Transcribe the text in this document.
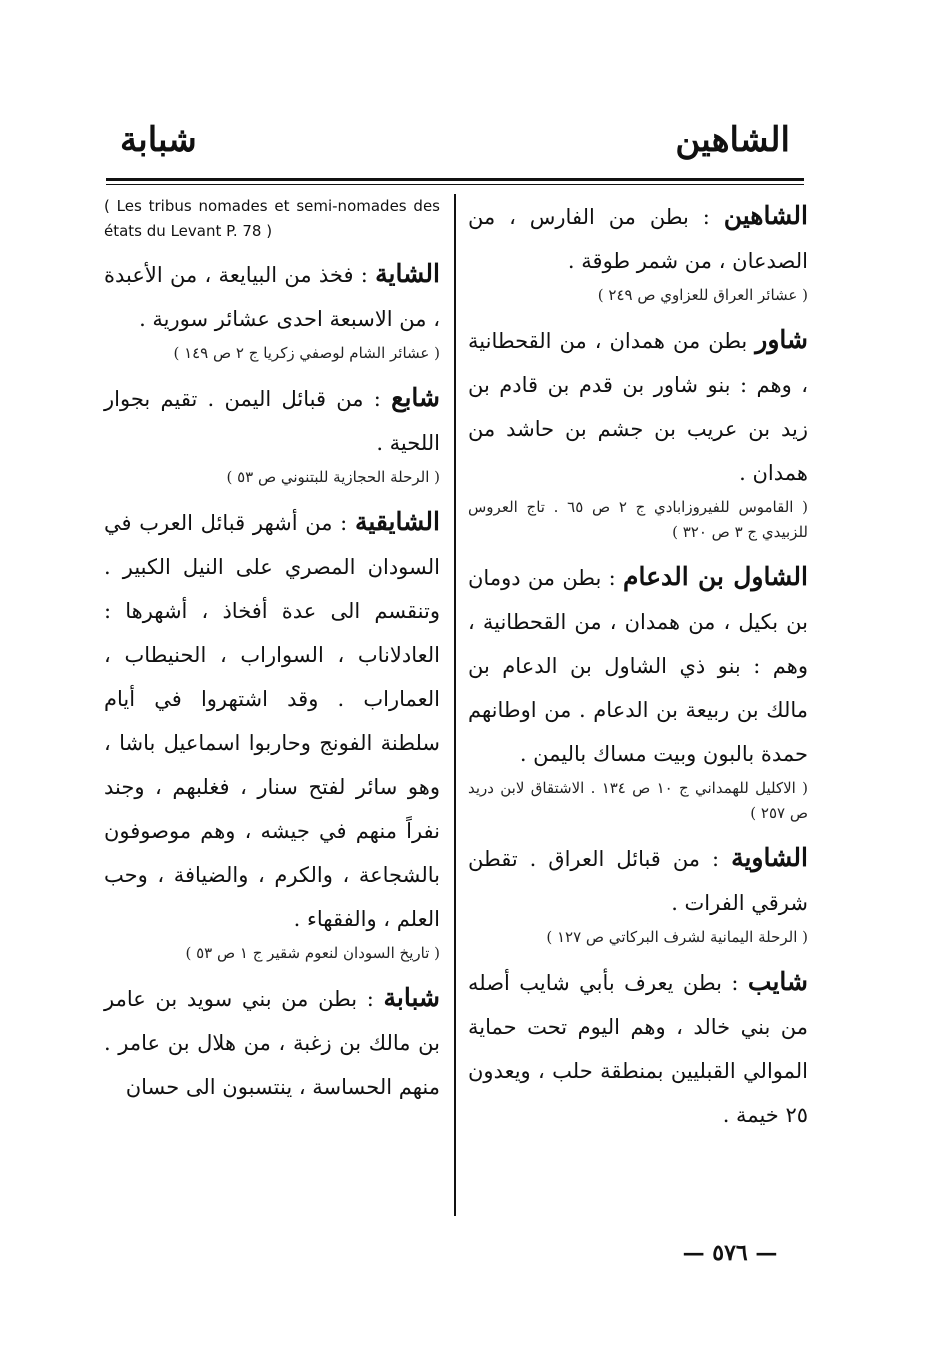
الشاهين
شبابة

الشاهين : بطن من الفارس ، من الصدعان ، من شمر طوقة .

( عشائر العراق للعزاوي ص ٢٤٩ )

شاور بطن من همدان ، من القحطانية ، وهم : بنو شاور بن قدم بن قادم بن زيد بن عريب بن جشم بن حاشد من همدان .

( القاموس للفيروزابادي ج ٢ ص ٦٥ . تاج العروس للزبيدي ج ٣ ص ٣٢٠ )

الشاول بن الدعام : بطن من دومان بن بكيل ، من همدان ، من القحطانية ، وهم : بنو ذي الشاول بن الدعام بن مالك بن ربيعة بن الدعام . من اوطانهم حمدة بالبون وبيت مساك باليمن .

( الاكليل للهمداني ج ١٠ ص ١٣٤ . الاشتقاق لابن دريد ص ٢٥٧ )

الشاوية : من قبائل العراق . تقطن شرقي الفرات .

( الرحلة اليمانية لشرف البركاتي ص ١٢٧ )

شايب : بطن يعرف بأبي شايب أصله من بني خالد ، وهم اليوم تحت حماية الموالي القبليين بمنطقة حلب ، ويعدون ٢٥ خيمة .

( Les tribus nomades et semi-nomades des états du Levant P. 78 )

الشاية : فخذ من البيايعة ، من الأعبدة ، من الاسبعة احدى عشائر سورية .

( عشائر الشام لوصفي زكريا ج ٢ ص ١٤٩ )

شابع : من قبائل اليمن . تقيم بجوار اللحية .

( الرحلة الحجازية للبتنوني ص ٥٣ )

الشايقية : من أشهر قبائل العرب في السودان المصري على النيل الكبير . وتنقسم الى عدة أفخاذ ، أشهرها : العادلاناب ، السواراب ، الحنيطاب ، العماراب . وقد اشتهروا في أيام سلطنة الفونج وحاربوا اسماعيل باشا ، وهو سائر لفتح سنار ، فغلبهم ، وجند نفراً منهم في جيشه ، وهم موصوفون بالشجاعة ، والكرم ، والضيافة ، وحب العلم ، والفقهاء .

( تاريخ السودان لنعوم شقير ج ١ ص ٥٣ )

شبابة : بطن من بني سويد بن عامر بن مالك بن زغبة ، من هلال بن عامر . منهم الحساسة ، ينتسبون الى حسان

— ٥٧٦ —
